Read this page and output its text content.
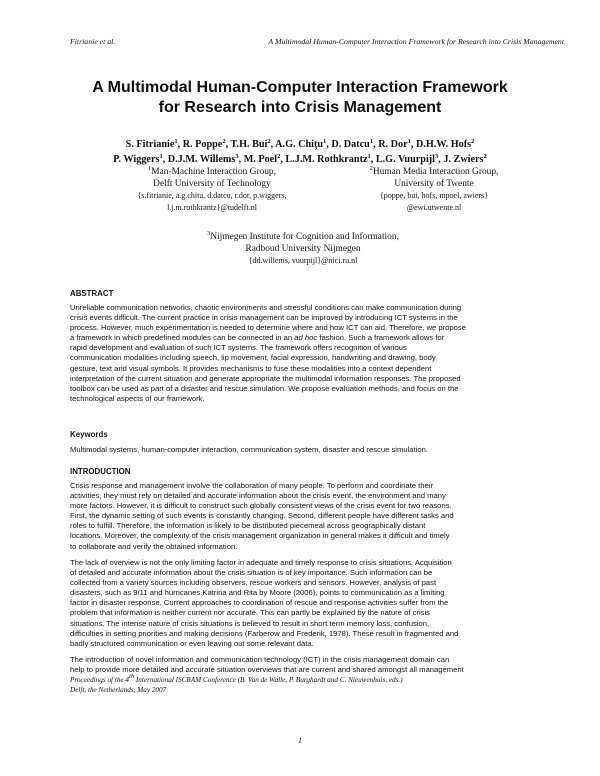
Fitrianie et al.	A Multimodal Human-Computer Interaction Framework for Research into Crisis Management
A Multimodal Human-Computer Interaction Framework
for Research into Crisis Management
S. Fitrianie$^1$, R. Poppe$^2$, T.H. Bui$^2$, A.G. Chiţu$^1$, D. Datcu$^1$, R. Dor$^1$, D.H.W. Hofs$^2$
P. Wiggers$^1$, D.J.M. Willems$^3$, M. Poel$^2$, L.J.M. Rothkrantz$^1$, L.G. Vuurpijl$^3$, J. Zwiers$^2$
$^1$Man-Machine Interaction Group,
Delft University of Technology
{s.fitrianie, a.g.chitu, d.datcu, r.dor, p.wiggers,
l.j.m.rothkrantz}@tudelft.nl
$^2$Human Media Interaction Group,
University of Twente
{poppe, bui, hofs, mpoel, zwiers}
@ewi.utwente.nl
$^3$Nijmegen Institute for Cognition and Information,
Radboud University Nijmegen
{dd.willems, vuurpijl}@nici.ru.nl
ABSTRACT
Unreliable communication networks, chaotic environments and stressful conditions can make communication during
crisis events difficult. The current practice in crisis management can be improved by introducing ICT systems in the
process. However, much experimentation is needed to determine where and how ICT can aid. Therefore, we propose
a framework in which predefined modules can be connected in an ad hoc fashion. Such a framework allows for
rapid development and evaluation of such ICT systems. The framework offers recognition of various
communication modalities including speech, lip movement, facial expression, handwriting and drawing, body
gesture, text and visual symbols. It provides mechanisms to fuse these modalities into a context dependent
interpretation of the current situation and generate appropriate the multimodal information responses. The proposed
toolbox can be used as part of a disaster and rescue simulation. We propose evaluation methods, and focus on the
technological aspects of our framework.
Keywords
Multimodal systems, human-computer interaction, communication system, disaster and rescue simulation.
INTRODUCTION
Crisis response and management involve the collaboration of many people. To perform and coordinate their
activities, they must rely on detailed and accurate information about the crisis event, the environment and many
more factors. However, it is difficult to construct such globally consistent views of the crisis event for two reasons.
First, the dynamic setting of such events is constantly changing. Second, different people have different tasks and
roles to fulfill. Therefore, the information is likely to be distributed piecemeal across geographically distant
locations. Moreover, the complexity of the crisis management organization in general makes it difficult and timely
to collaborate and verify the obtained information.
The lack of overview is not the only limiting factor in adequate and timely response to crisis situations. Acquisition
of detailed and accurate information about the crisis situation is of key importance. Such information can be
collected from a variety sources including observers, rescue workers and sensors. However, analysis of past
disasters, such as 9/11 and hurricanes Katrina and Rita by Moore (2006), points to communication as a limiting
factor in disaster response. Current approaches to coordination of rescue and response activities suffer from the
problem that information is neither current nor accurate. This can partly be explained by the nature of crisis
situations. The intense nature of crisis situations is believed to result in short term memory loss, confusion,
difficulties in setting priorities and making decisions (Farberow and Frederik, 1978). These result in fragmented and
badly structured communication or even leaving out some relevant data.
The introduction of novel information and communication technology (ICT) in the crisis management domain can
help to provide more detailed and accurate situation overviews that are current and shared amongst all management
Proceedings of the 4th International ISCRAM Conference (B. Van de Walle, P. Burghardt and C. Nieuwenhuis, eds.)
Delft, the Netherlands, May 2007
1
